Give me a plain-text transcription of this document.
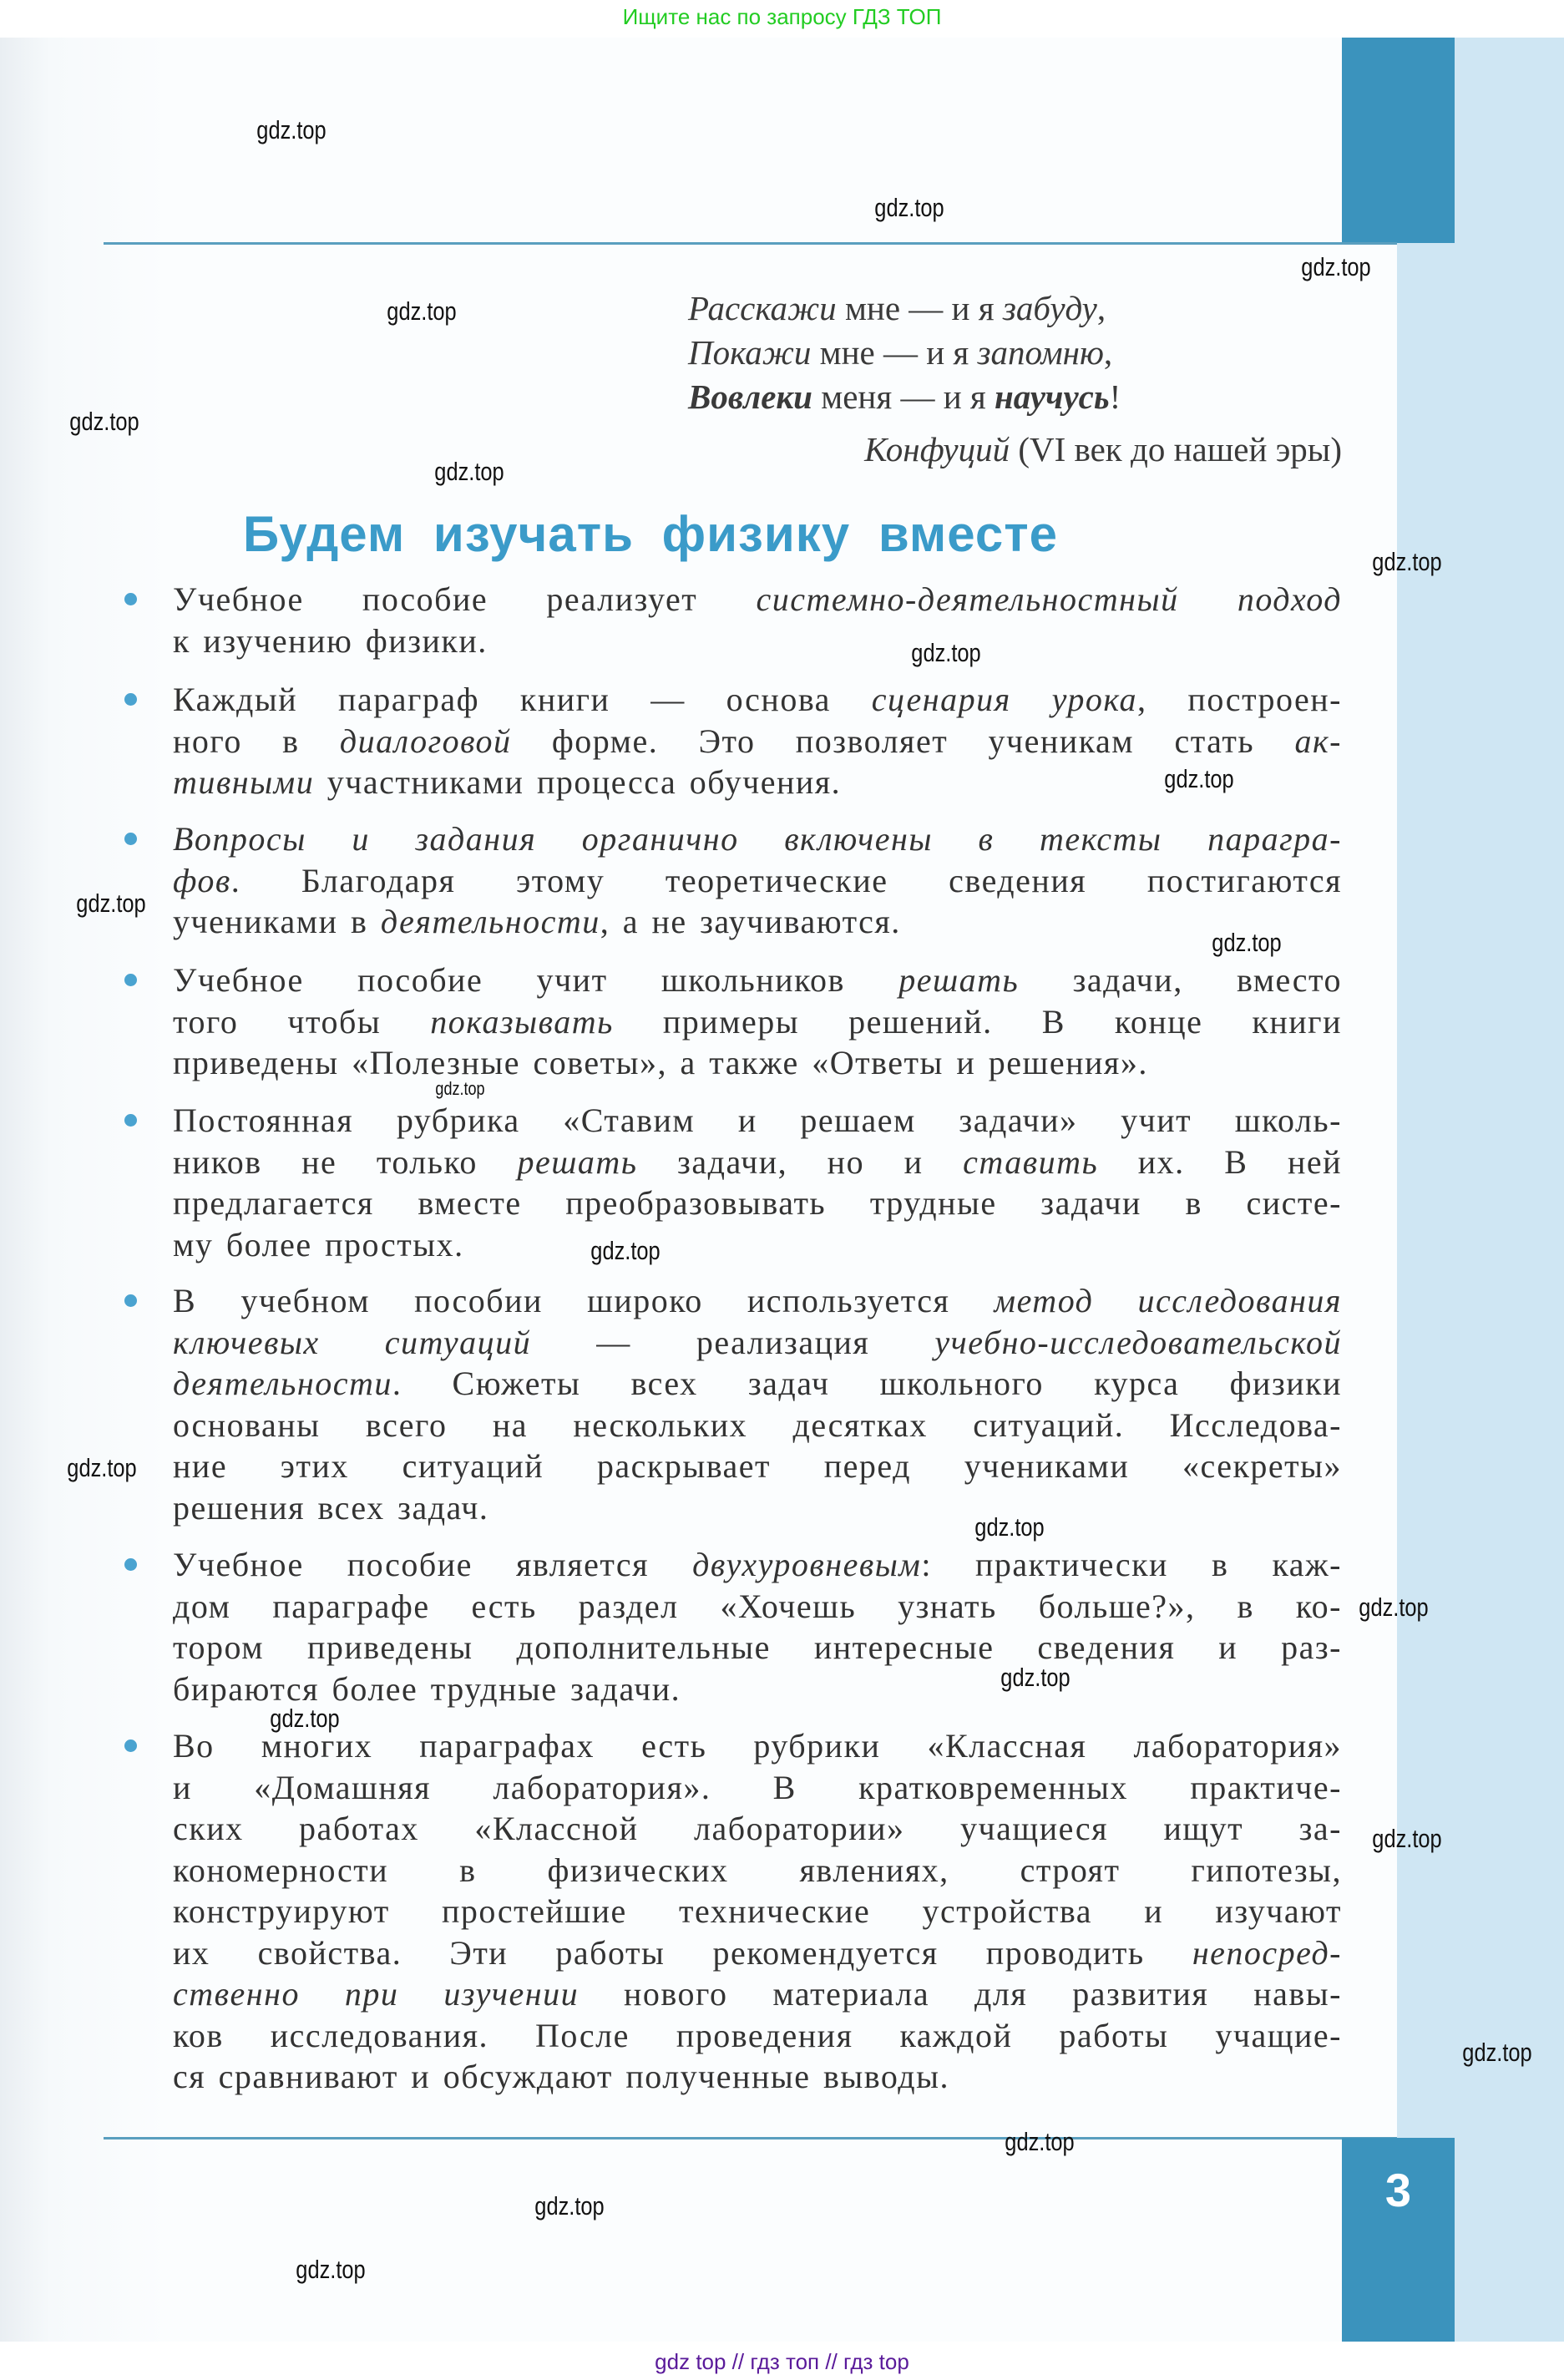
Ищите нас по запросу ГДЗ ТОП
3
Расскажи мне — и я забуду,
Покажи мне — и я запомню,
Вовлеки меня — и я научусь!
Конфуций (VI век до нашей эры)
Будем изучать физику вместе
Учебное пособие реализует системно-деятельностный подход
к изучению физики.
Каждый параграф книги — основа сценария урока, построен-
ного в диалоговой форме. Это позволяет ученикам стать ак-
тивными участниками процесса обучения.
Вопросы и задания органично включены в тексты парагра-
фов. Благодаря этому теоретические сведения постигаются
учениками в деятельности, а не заучиваются.
Учебное пособие учит школьников решать задачи, вместо
того чтобы показывать примеры решений. В конце книги
приведены «Полезные советы», а также «Ответы и решения».
Постоянная рубрика «Ставим и решаем задачи» учит школь-
ников не только решать задачи, но и ставить их. В ней
предлагается вместе преобразовывать трудные задачи в систе-
му более простых.
В учебном пособии широко используется метод исследования
ключевых ситуаций — реализация учебно-исследовательской
деятельности. Сюжеты всех задач школьного курса физики
основаны всего на нескольких десятках ситуаций. Исследова-
ние этих ситуаций раскрывает перед учениками «секреты»
решения всех задач.
Учебное пособие является двухуровневым: практически в каж-
дом параграфе есть раздел «Хочешь узнать больше?», в ко-
тором приведены дополнительные интересные сведения и раз-
бираются более трудные задачи.
Во многих параграфах есть рубрики «Классная лаборатория»
и «Домашняя лаборатория». В кратковременных практиче-
ских работах «Классной лаборатории» учащиеся ищут за-
кономерности в физических явлениях, строят гипотезы,
конструируют простейшие технические устройства и изучают
их свойства. Эти работы рекомендуется проводить непосред-
ственно при изучении нового материала для развития навы-
ков исследования. После проведения каждой работы учащие-
ся сравнивают и обсуждают полученные выводы.
gdz top // гдз топ // гдз top
gdz.top
gdz.top
gdz.top
gdz.top
gdz.top
gdz.top
gdz.top
gdz.top
gdz.top
gdz.top
gdz.top
gdz.top
gdz.top
gdz.top
gdz.top
gdz.top
gdz.top
gdz.top
gdz.top
gdz.top
gdz.top
gdz.top
gdz.top
